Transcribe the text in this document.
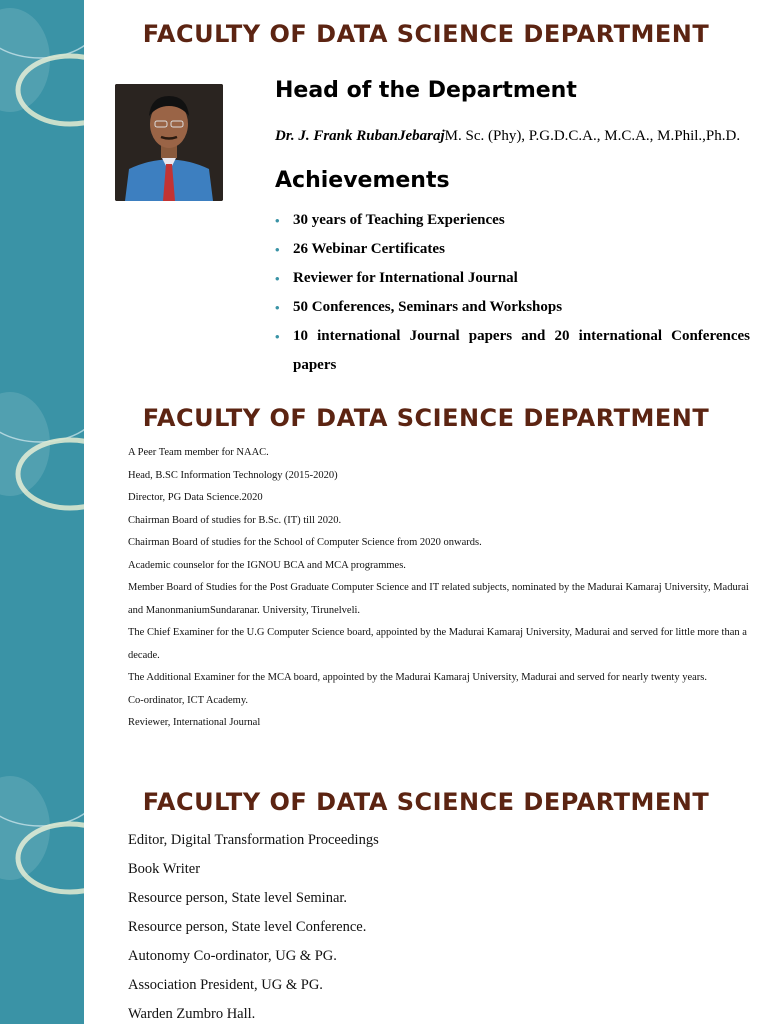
FACULTY OF DATA SCIENCE DEPARTMENT
Head of the Department
Dr. J. Frank RubanJebarajM. Sc. (Phy), P.G.D.C.A., M.C.A., M.Phil.,Ph.D.
Achievements
• 30 years of Teaching Experiences
• 26 Webinar Certificates
• Reviewer for International Journal
• 50 Conferences, Seminars and Workshops
• 10 international Journal papers and 20 international Conferences papers
FACULTY OF DATA SCIENCE DEPARTMENT
A Peer Team member for NAAC.
Head, B.SC Information Technology (2015-2020)
Director, PG Data Science.2020
Chairman Board of studies for B.Sc. (IT) till 2020.
Chairman Board of studies for the School of Computer Science from 2020 onwards.
Academic counselor for the IGNOU BCA and MCA programmes.
Member Board of Studies for the Post Graduate Computer Science and IT related subjects, nominated by the Madurai Kamaraj University, Madurai and ManonmaniumSundaranar. University, Tirunelveli.
The Chief Examiner for the U.G Computer Science board, appointed by the Madurai Kamaraj University, Madurai and served for little more than a decade.
The Additional Examiner for the MCA board, appointed by the Madurai Kamaraj University, Madurai and served for nearly twenty years.
Co-ordinator, ICT Academy.
Reviewer, International Journal
FACULTY OF DATA SCIENCE DEPARTMENT
Editor, Digital Transformation Proceedings
Book Writer
Resource person, State level Seminar.
Resource person, State level Conference.
Autonomy Co-ordinator, UG & PG.
Association President, UG & PG.
Warden Zumbro Hall.
